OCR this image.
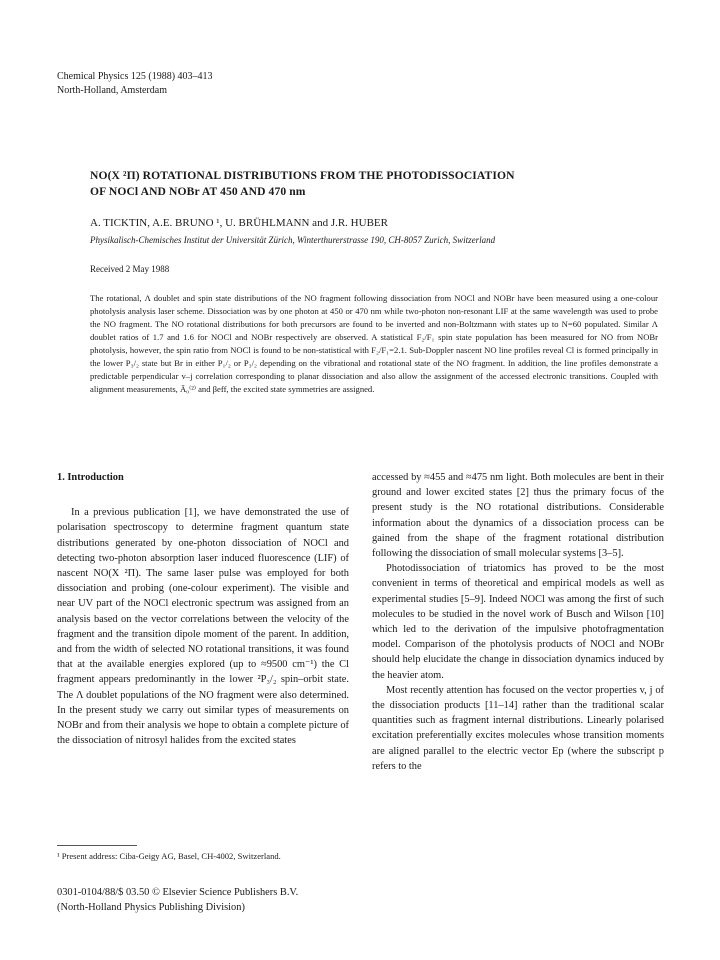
Chemical Physics 125 (1988) 403–413
North-Holland, Amsterdam
NO(X ²Π) ROTATIONAL DISTRIBUTIONS FROM THE PHOTODISSOCIATION
OF NOCl AND NOBr AT 450 AND 470 nm
A. TICKTIN, A.E. BRUNO ¹, U. BRÜHLMANN and J.R. HUBER
Physikalisch-Chemisches Institut der Universität Zürich, Winterthurerstrasse 190, CH-8057 Zurich, Switzerland
Received 2 May 1988
The rotational, Λ doublet and spin state distributions of the NO fragment following dissociation from NOCl and NOBr have been measured using a one-colour photolysis analysis laser scheme. Dissociation was by one photon at 450 or 470 nm while two-photon non-resonant LIF at the same wavelength was used to probe the NO fragment. The NO rotational distributions for both precursors are found to be inverted and non-Boltzmann with states up to N=60 populated. Similar Λ doublet ratios of 1.7 and 1.6 for NOCl and NOBr respectively are observed. A statistical F₂/F₁ spin state population has been measured for NO from NOBr photolysis, however, the spin ratio from NOCl is found to be non-statistical with F₂/F₁=2.1. Sub-Doppler nascent NO line profiles reveal Cl is formed principally in the lower P₃/₂ state but Br in either P₁/₂ or P₃/₂ depending on the vibrational and rotational state of the NO fragment. In addition, the line profiles demonstrate a predictable perpendicular v–j correlation corresponding to planar dissociation and also allow the assignment of the accessed electronic transitions. Coupled with alignment measurements, Ā₀⁽²⁾ and βeff, the excited state symmetries are assigned.
1. Introduction

In a previous publication [1], we have demonstrated the use of polarisation spectroscopy to determine fragment quantum state distributions generated by one-photon dissociation of NOCl and detecting two-photon absorption laser induced fluorescence (LIF) of nascent NO(X ²Π). The same laser pulse was employed for both dissociation and probing (one-colour experiment). The visible and near UV part of the NOCl electronic spectrum was assigned from an analysis based on the vector correlations between the velocity of the fragment and the transition dipole moment of the parent. In addition, and from the width of selected NO rotational transitions, it was found that at the available energies explored (up to ≈9500 cm⁻¹) the Cl fragment appears predominantly in the lower ²P₃/₂ spin–orbit state. The Λ doublet populations of the NO fragment were also determined. In the present study we carry out similar types of measurements on NOBr and from their analysis we hope to obtain a complete picture of the dissociation of nitrosyl halides from the excited states

accessed by ≈455 and ≈475 nm light. Both molecules are bent in their ground and lower excited states [2] thus the primary focus of the present study is the NO rotational distributions. Considerable information about the dynamics of a dissociation process can be gained from the shape of the fragment rotational distribution following the dissociation of small molecular systems [3–5].

Photodissociation of triatomics has proved to be the most convenient in terms of theoretical and empirical models as well as experimental studies [5–9]. Indeed NOCl was among the first of such molecules to be studied in the novel work of Busch and Wilson [10] which led to the derivation of the impulsive photofragmentation model. Comparison of the photolysis products of NOCl and NOBr should help elucidate the change in dissociation dynamics induced by the heavier atom.

Most recently attention has focused on the vector properties v, j of the dissociation products [11–14] rather than the traditional scalar quantities such as fragment internal distributions. Linearly polarised excitation preferentially excites molecules whose transition moments are aligned parallel to the electric vector Ep (where the subscript p refers to the

¹ Present address: Ciba-Geigy AG, Basel, CH-4002, Switzerland.
0301-0104/88/$ 03.50 © Elsevier Science Publishers B.V.
(North-Holland Physics Publishing Division)
